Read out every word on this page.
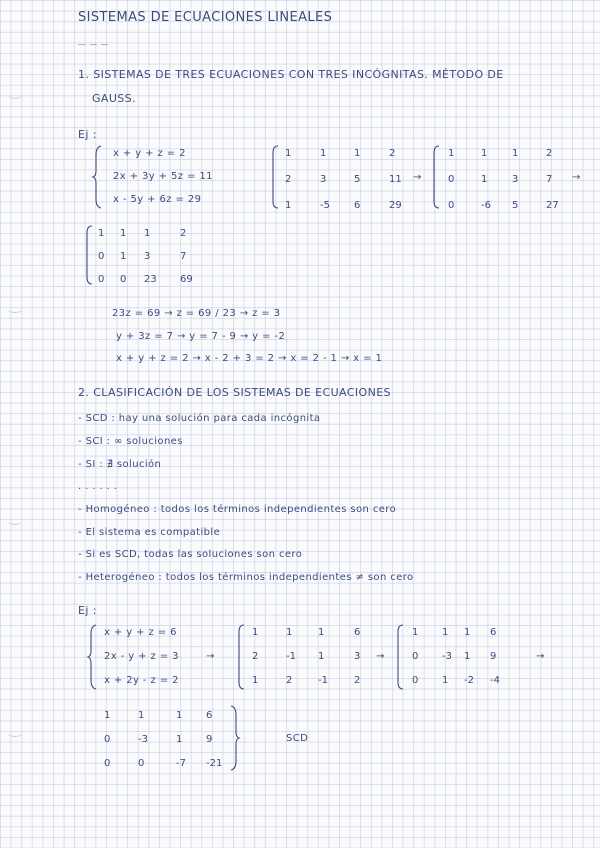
SISTEMAS DE ECUACIONES LINEALES
— — —
1. SISTEMAS DE TRES ECUACIONES CON TRES INCÓGNITAS. MÉTODO DE
GAUSS.
Ej :
x + y + z = 2
2x + 3y + 5z = 11
x - 5y + 6z = 29
1	1	1	2
2	3	5	11
1	-5 6	29
→
1	1 1	2
0	1 3	7
0	-6 5	27
→
1 1 1	2
0 1 3	7
0 0 23 69
23z = 69 → z = 69 / 23 → z = 3
y + 3z = 7 → y = 7 - 9 → y = -2
x + y + z = 2 → x - 2 + 3 = 2 → x = 2 - 1 → x = 1
2. CLASIFICACIÓN DE LOS SISTEMAS DE ECUACIONES
- SCD : hay una solución para cada incógnita
- SCI : ∞ soluciones
- SI : ∄ solución
. . . . . .
- Homogéneo : todos los términos independientes son cero
- El sistema es compatible
- Si es SCD, todas las soluciones son cero
- Heterogéneo : todos los términos independientes ≠ son cero
Ej :
x + y + z = 6
2x - y + z = 3
x + 2y - z = 2
→
1	1	1	6
2	-1 1	3
1	2	-1	2
→
1 1 1 6
0 -3 1 9
0 1 -2 -4
→
1	1	1 6
0	-3	1 9
0	0	-7 -21
SCD
